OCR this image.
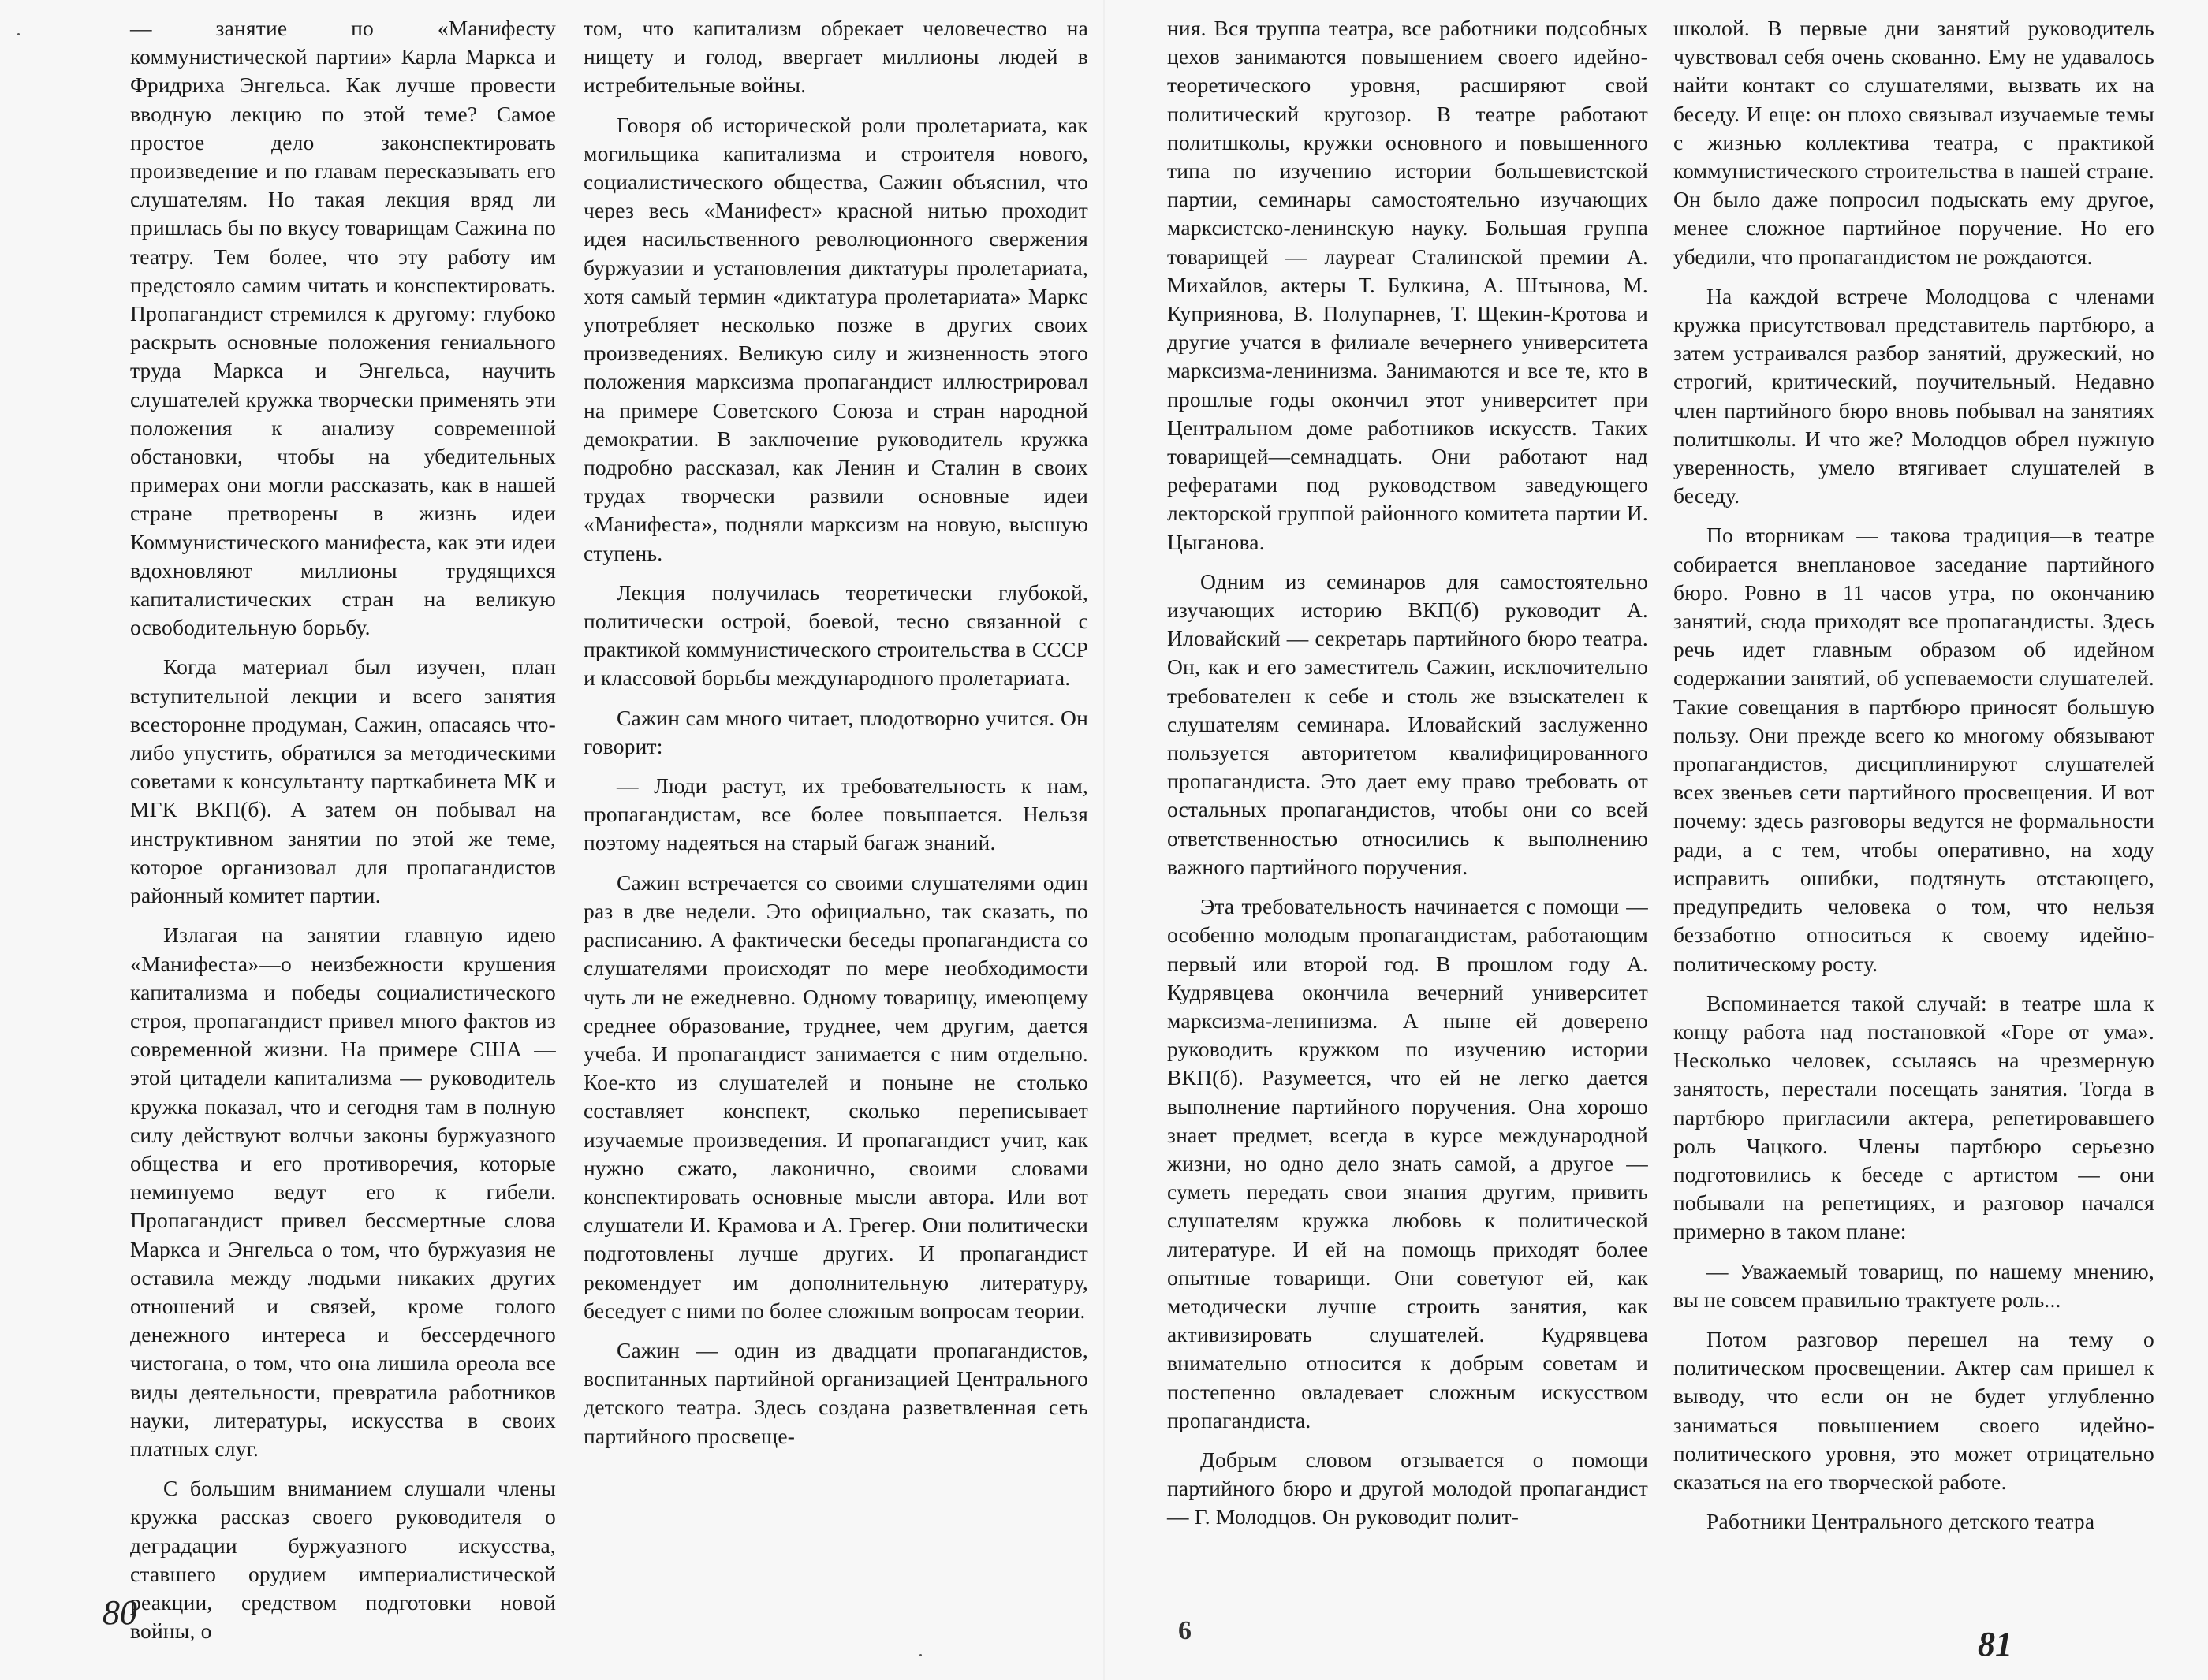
— занятие по «Манифесту коммунистической партии» Карла Маркса и Фридриха Энгельса. Как лучше провести вводную лекцию по этой теме? Самое простое дело законспектировать произведение и по главам пересказывать его слушателям. Но такая лекция вряд ли пришлась бы по вкусу товарищам Сажина по театру. Тем более, что эту работу им предстояло самим читать и конспектировать. Пропагандист стремился к другому: глубоко раскрыть основные положения гениального труда Маркса и Энгельса, научить слушателей кружка творчески применять эти положения к анализу современной обстановки, чтобы на убедительных примерах они могли рассказать, как в нашей стране претворены в жизнь идеи Коммунистического манифеста, как эти идеи вдохновляют миллионы трудящихся капиталистических стран на великую освободительную борьбу.

Когда материал был изучен, план вступительной лекции и всего занятия всесторонне продуман, Сажин, опасаясь что-либо упустить, обратился за методическими советами к консультанту парткабинета МК и МГК ВКП(б). А затем он побывал на инструктивном занятии по этой же теме, которое организовал для пропагандистов районный комитет партии.

Излагая на занятии главную идею «Манифеста»—о неизбежности крушения капитализма и победы социалистического строя, пропагандист привел много фактов из современной жизни. На примере США — этой цитадели капитализма — руководитель кружка показал, что и сегодня там в полную силу действуют волчьи законы буржуазного общества и его противоречия, которые неминуемо ведут его к гибели. Пропагандист привел бессмертные слова Маркса и Энгельса о том, что буржуазия не оставила между людьми никаких других отношений и связей, кроме голого денежного интереса и бессердечного чистогана, о том, что она лишила ореола все виды деятельности, превратила работников науки, литературы, искусства в своих платных слуг.

С большим вниманием слушали члены кружка рассказ своего руководителя о деградации буржуазного искусства, ставшего орудием империалистической реакции, средством подготовки новой войны, о

том, что капитализм обрекает человечество на нищету и голод, ввергает миллионы людей в истребительные войны.

Говоря об исторической роли пролетариата, как могильщика капитализма и строителя нового, социалистического общества, Сажин объяснил, что через весь «Манифест» красной нитью проходит идея насильственного революционного свержения буржуазии и установления диктатуры пролетариата, хотя самый термин «диктатура пролетариата» Маркс употребляет несколько позже в других своих произведениях. Великую силу и жизненность этого положения марксизма пропагандист иллюстрировал на примере Советского Союза и стран народной демократии. В заключение руководитель кружка подробно рассказал, как Ленин и Сталин в своих трудах творчески развили основные идеи «Манифеста», подняли марксизм на новую, высшую ступень.

Лекция получилась теоретически глубокой, политически острой, боевой, тесно связанной с практикой коммунистического строительства в СССР и классовой борьбы международного пролетариата.

Сажин сам много читает, плодотворно учится. Он говорит:

— Люди растут, их требовательность к нам, пропагандистам, все более повышается. Нельзя поэтому надеяться на старый багаж знаний.

Сажин встречается со своими слушателями один раз в две недели. Это официально, так сказать, по расписанию. А фактически беседы пропагандиста со слушателями происходят по мере необходимости чуть ли не ежедневно. Одному товарищу, имеющему среднее образование, труднее, чем другим, дается учеба. И пропагандист занимается с ним отдельно. Кое-кто из слушателей и поныне не столько составляет конспект, сколько переписывает изучаемые произведения. И пропагандист учит, как нужно сжато, лаконично, своими словами конспектировать основные мысли автора. Или вот слушатели И. Крамова и А. Грегер. Они политически подготовлены лучше других. И пропагандист рекомендует им дополнительную литературу, беседует с ними по более сложным вопросам теории.

Сажин — один из двадцати пропагандистов, воспитанных партийной организацией Центрального детского театра. Здесь создана разветвленная сеть партийного просвеще-

80

ния. Вся труппа театра, все работники подсобных цехов занимаются повышением своего идейно-теоретического уровня, расширяют свой политический кругозор. В театре работают политшколы, кружки основного и повышенного типа по изучению истории большевистской партии, семинары самостоятельно изучающих марксистско-ленинскую науку. Большая группа товарищей — лауреат Сталинской премии А. Михайлов, актеры Т. Булкина, А. Штынова, М. Куприянова, В. Полупарнев, Т. Щекин-Кротова и другие учатся в филиале вечернего университета марксизма-ленинизма. Занимаются и все те, кто в прошлые годы окончил этот университет при Центральном доме работников искусств. Таких товарищей—семнадцать. Они работают над рефератами под руководством заведующего лекторской группой районного комитета партии И. Цыганова.

Одним из семинаров для самостоятельно изучающих историю ВКП(б) руководит А. Иловайский — секретарь партийного бюро театра. Он, как и его заместитель Сажин, исключительно требователен к себе и столь же взыскателен к слушателям семинара. Иловайский заслуженно пользуется авторитетом квалифицированного пропагандиста. Это дает ему право требовать от остальных пропагандистов, чтобы они со всей ответственностью относились к выполнению важного партийного поручения.

Эта требовательность начинается с помощи — особенно молодым пропагандистам, работающим первый или второй год. В прошлом году А. Кудрявцева окончила вечерний университет марксизма-ленинизма. А ныне ей доверено руководить кружком по изучению истории ВКП(б). Разумеется, что ей не легко дается выполнение партийного поручения. Она хорошо знает предмет, всегда в курсе международной жизни, но одно дело знать самой, а другое — суметь передать свои знания другим, привить слушателям кружка любовь к политической литературе. И ей на помощь приходят более опытные товарищи. Они советуют ей, как методически лучше строить занятия, как активизировать слушателей. Кудрявцева внимательно относится к добрым советам и постепенно овладевает сложным искусством пропагандиста.

Добрым словом отзывается о помощи партийного бюро и другой молодой пропагандист — Г. Молодцов. Он руководит полит-

школой. В первые дни занятий руководитель чувствовал себя очень скованно. Ему не удавалось найти контакт со слушателями, вызвать их на беседу. И еще: он плохо связывал изучаемые темы с жизнью коллектива театра, с практикой коммунистического строительства в нашей стране. Он было даже попросил подыскать ему другое, менее сложное партийное поручение. Но его убедили, что пропагандистом не рождаются.

На каждой встрече Молодцова с членами кружка присутствовал представитель партбюро, а затем устраивался разбор занятий, дружеский, но строгий, критический, поучительный. Недавно член партийного бюро вновь побывал на занятиях политшколы. И что же? Молодцов обрел нужную уверенность, умело втягивает слушателей в беседу.

По вторникам — такова традиция—в театре собирается внеплановое заседание партийного бюро. Ровно в 11 часов утра, по окончанию занятий, сюда приходят все пропагандисты. Здесь речь идет главным образом об идейном содержании занятий, об успеваемости слушателей. Такие совещания в партбюро приносят большую пользу. Они прежде всего ко многому обязывают пропагандистов, дисциплинируют слушателей всех звеньев сети партийного просвещения. И вот почему: здесь разговоры ведутся не формальности ради, а с тем, чтобы оперативно, на ходу исправить ошибки, подтянуть отстающего, предупредить человека о том, что нельзя беззаботно относиться к своему идейно-политическому росту.

Вспоминается такой случай: в театре шла к концу работа над постановкой «Горе от ума». Несколько человек, ссылаясь на чрезмерную занятость, перестали посещать занятия. Тогда в партбюро пригласили актера, репетировавшего роль Чацкого. Члены партбюро серьезно подготовились к беседе с артистом — они побывали на репетициях, и разговор начался примерно в таком плане:

— Уважаемый товарищ, по нашему мнению, вы не совсем правильно трактуете роль...

Потом разговор перешел на тему о политическом просвещении. Актер сам пришел к выводу, что если он не будет углубленно заниматься повышением своего идейно-политического уровня, это может отрицательно сказаться на его творческой работе.

Работники Центрального детского театра

6	81
